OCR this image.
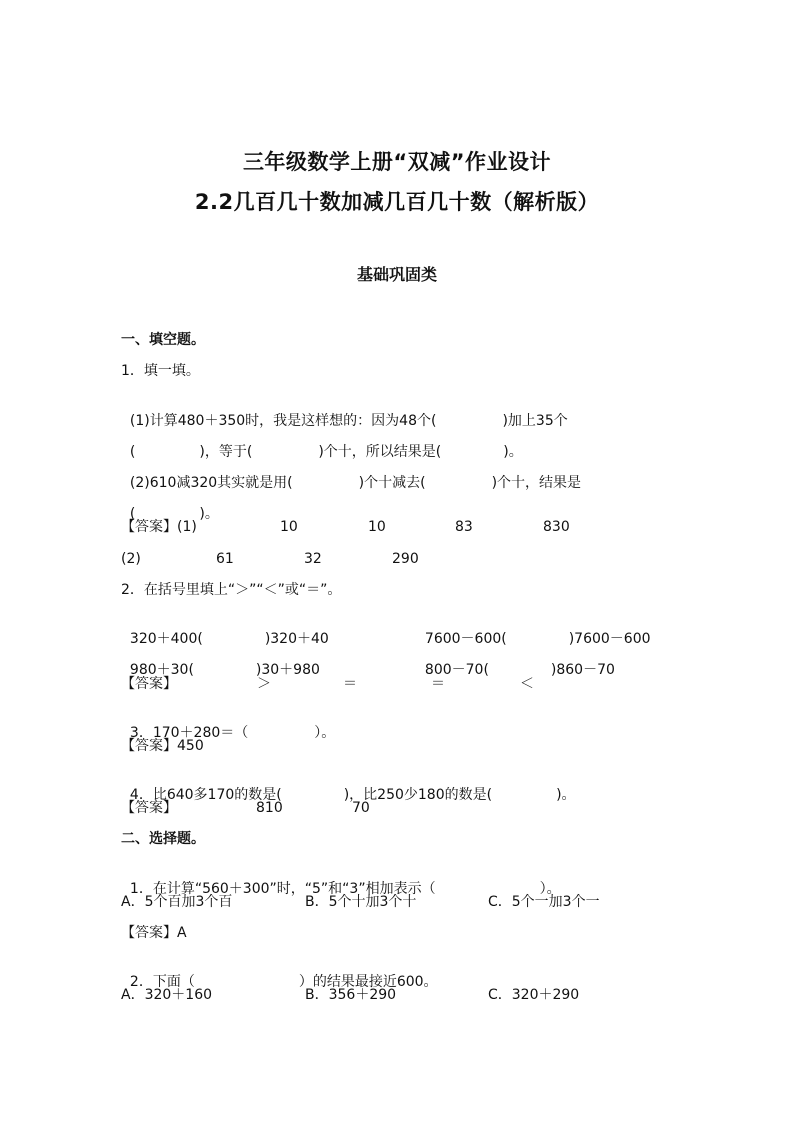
三年级数学上册“双减”作业设计
2.2几百几十数加减几百几十数（解析版）
基础巩固类
一、填空题。
1．填一填。

(1)计算480＋350时，我是这样想的：因为48个(	)加上35个

(	)，等于(	)个十，所以结果是(	)。

(2)610减320其实就是用(	)个十减去(	)个十，结果是

(	)。

【答案】(1)	10	10	83	830
(2)	61	32	290
2．在括号里填上“＞”“＜”或“＝”。

320＋400(	)320＋40	7600－600(	)7600－600

980＋30(	)30＋980	800－70(	)860－70

【答案】	＞	＝	＝	＜

3．170＋280＝（	）。

【答案】450

4．比640多170的数是(	)，比250少180的数是(	)。

【答案】	810	70
二、选择题。

1．在计算“560＋300”时，“5”和“3”相加表示（	）。

A．5个百加3个百	B．5个十加3个十	C．5个一加3个一
【答案】A

2．下面（	）的结果最接近600。

A．320＋160	B．356＋290	C．320＋290
